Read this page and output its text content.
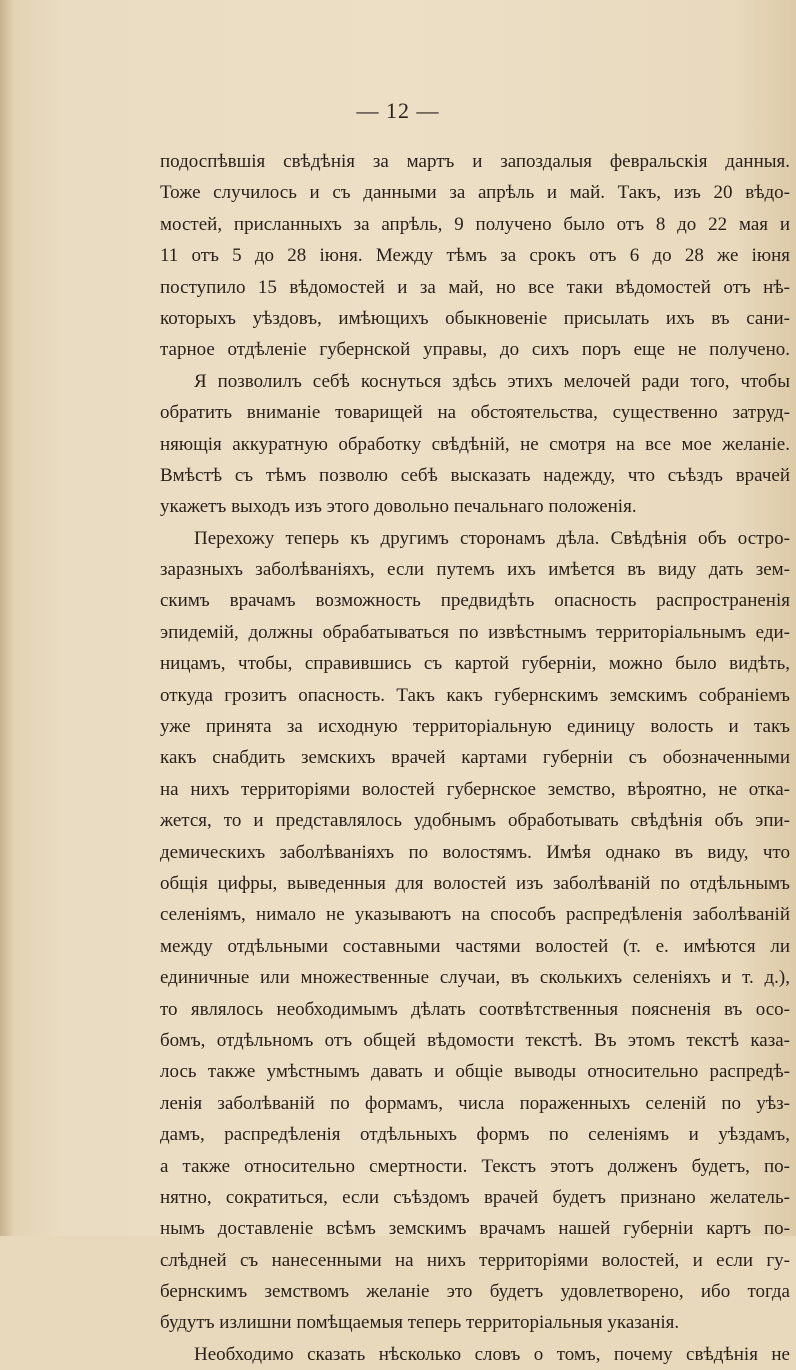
— 12 —
подоспѣвшія свѣдѣнія за мартъ и запоздалыя февральскія данныя.
Тоже случилось и съ данными за апрѣль и май. Такъ, изъ 20 вѣдо-
мостей, присланныхъ за апрѣль, 9 получено было отъ 8 до 22 мая и
11 отъ 5 до 28 іюня. Между тѣмъ за срокъ отъ 6 до 28 же іюня
поступило 15 вѣдомостей и за май, но все таки вѣдомостей отъ нѣ-
которыхъ уѣздовъ, имѣющихъ обыкновеніе присылать ихъ въ сани-
тарное отдѣленіе губернской управы, до сихъ поръ еще не получено.
Я позволилъ себѣ коснуться здѣсь этихъ мелочей ради того, чтобы
обратить вниманіе товарищей на обстоятельства, существенно затруд-
няющія аккуратную обработку свѣдѣній, не смотря на все мое желаніе.
Вмѣстѣ съ тѣмъ позволю себѣ высказать надежду, что съѣздъ врачей
укажетъ выходъ изъ этого довольно печальнаго положенія.
Перехожу теперь къ другимъ сторонамъ дѣла. Свѣдѣнія объ остро-
заразныхъ заболѣваніяхъ, если путемъ ихъ имѣется въ виду дать зем-
скимъ врачамъ возможность предвидѣть опасность распространенія
эпидемій, должны обрабатываться по извѣстнымъ территоріальнымъ еди-
ницамъ, чтобы, справившись съ картой губерніи, можно было видѣть,
откуда грозитъ опасность. Такъ какъ губернскимъ земскимъ собраніемъ
уже принята за исходную территоріальную единицу волость и такъ
какъ снабдить земскихъ врачей картами губерніи съ обозначенными
на нихъ территоріями волостей губернское земство, вѣроятно, не отка-
жется, то и представлялось удобнымъ обработывать свѣдѣнія объ эпи-
демическихъ заболѣваніяхъ по волостямъ. Имѣя однако въ виду, что
общія цифры, выведенныя для волостей изъ заболѣваній по отдѣльнымъ
селеніямъ, нимало не указываютъ на способъ распредѣленія заболѣваній
между отдѣльными составными частями волостей (т. е. имѣются ли
единичные или множественные случаи, въ сколькихъ селеніяхъ и т. д.),
то являлось необходимымъ дѣлать соотвѣтственныя поясненія въ осо-
бомъ, отдѣльномъ отъ общей вѣдомости текстѣ. Въ этомъ текстѣ каза-
лось также умѣстнымъ давать и общіе выводы относительно распредѣ-
ленія заболѣваній по формамъ, числа пораженныхъ селеній по уѣз-
дамъ, распредѣленія отдѣльныхъ формъ по селеніямъ и уѣздамъ,
а также относительно смертности. Текстъ этотъ долженъ будетъ, по-
нятно, сократиться, если съѣздомъ врачей будетъ признано желатель-
нымъ доставленіе всѣмъ земскимъ врачамъ нашей губерніи картъ по-
слѣдней съ нанесенными на нихъ территоріями волостей, и если гу-
бернскимъ земствомъ желаніе это будетъ удовлетворено, ибо тогда
будутъ излишни помѣщаемыя теперь территоріальныя указанія.
Необходимо сказать нѣсколько словъ о томъ, почему свѣдѣнія не
